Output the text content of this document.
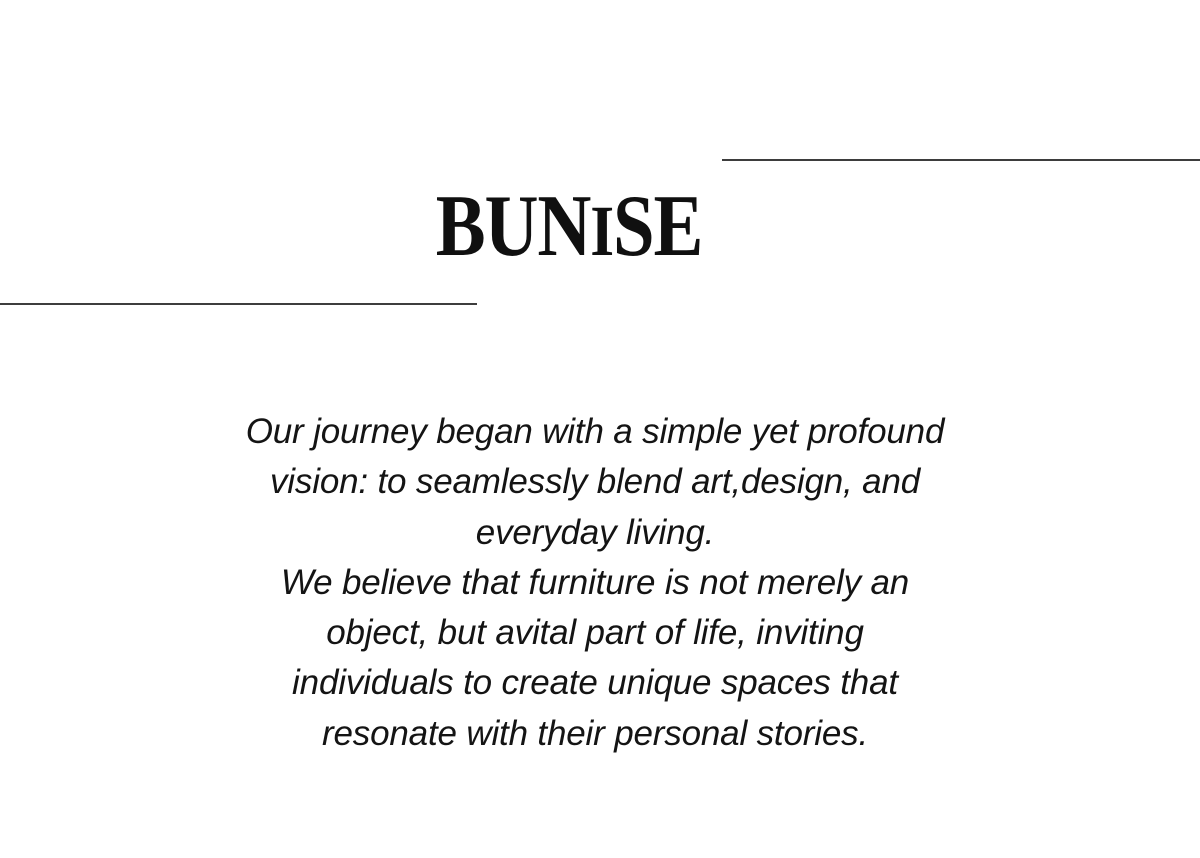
BUNISE
Our journey began with a simple yet profound
vision: to seamlessly blend art,design, and
everyday living.
We believe that furniture is not merely an
object, but avital part of life, inviting
individuals to create unique spaces that
resonate with their personal stories.
